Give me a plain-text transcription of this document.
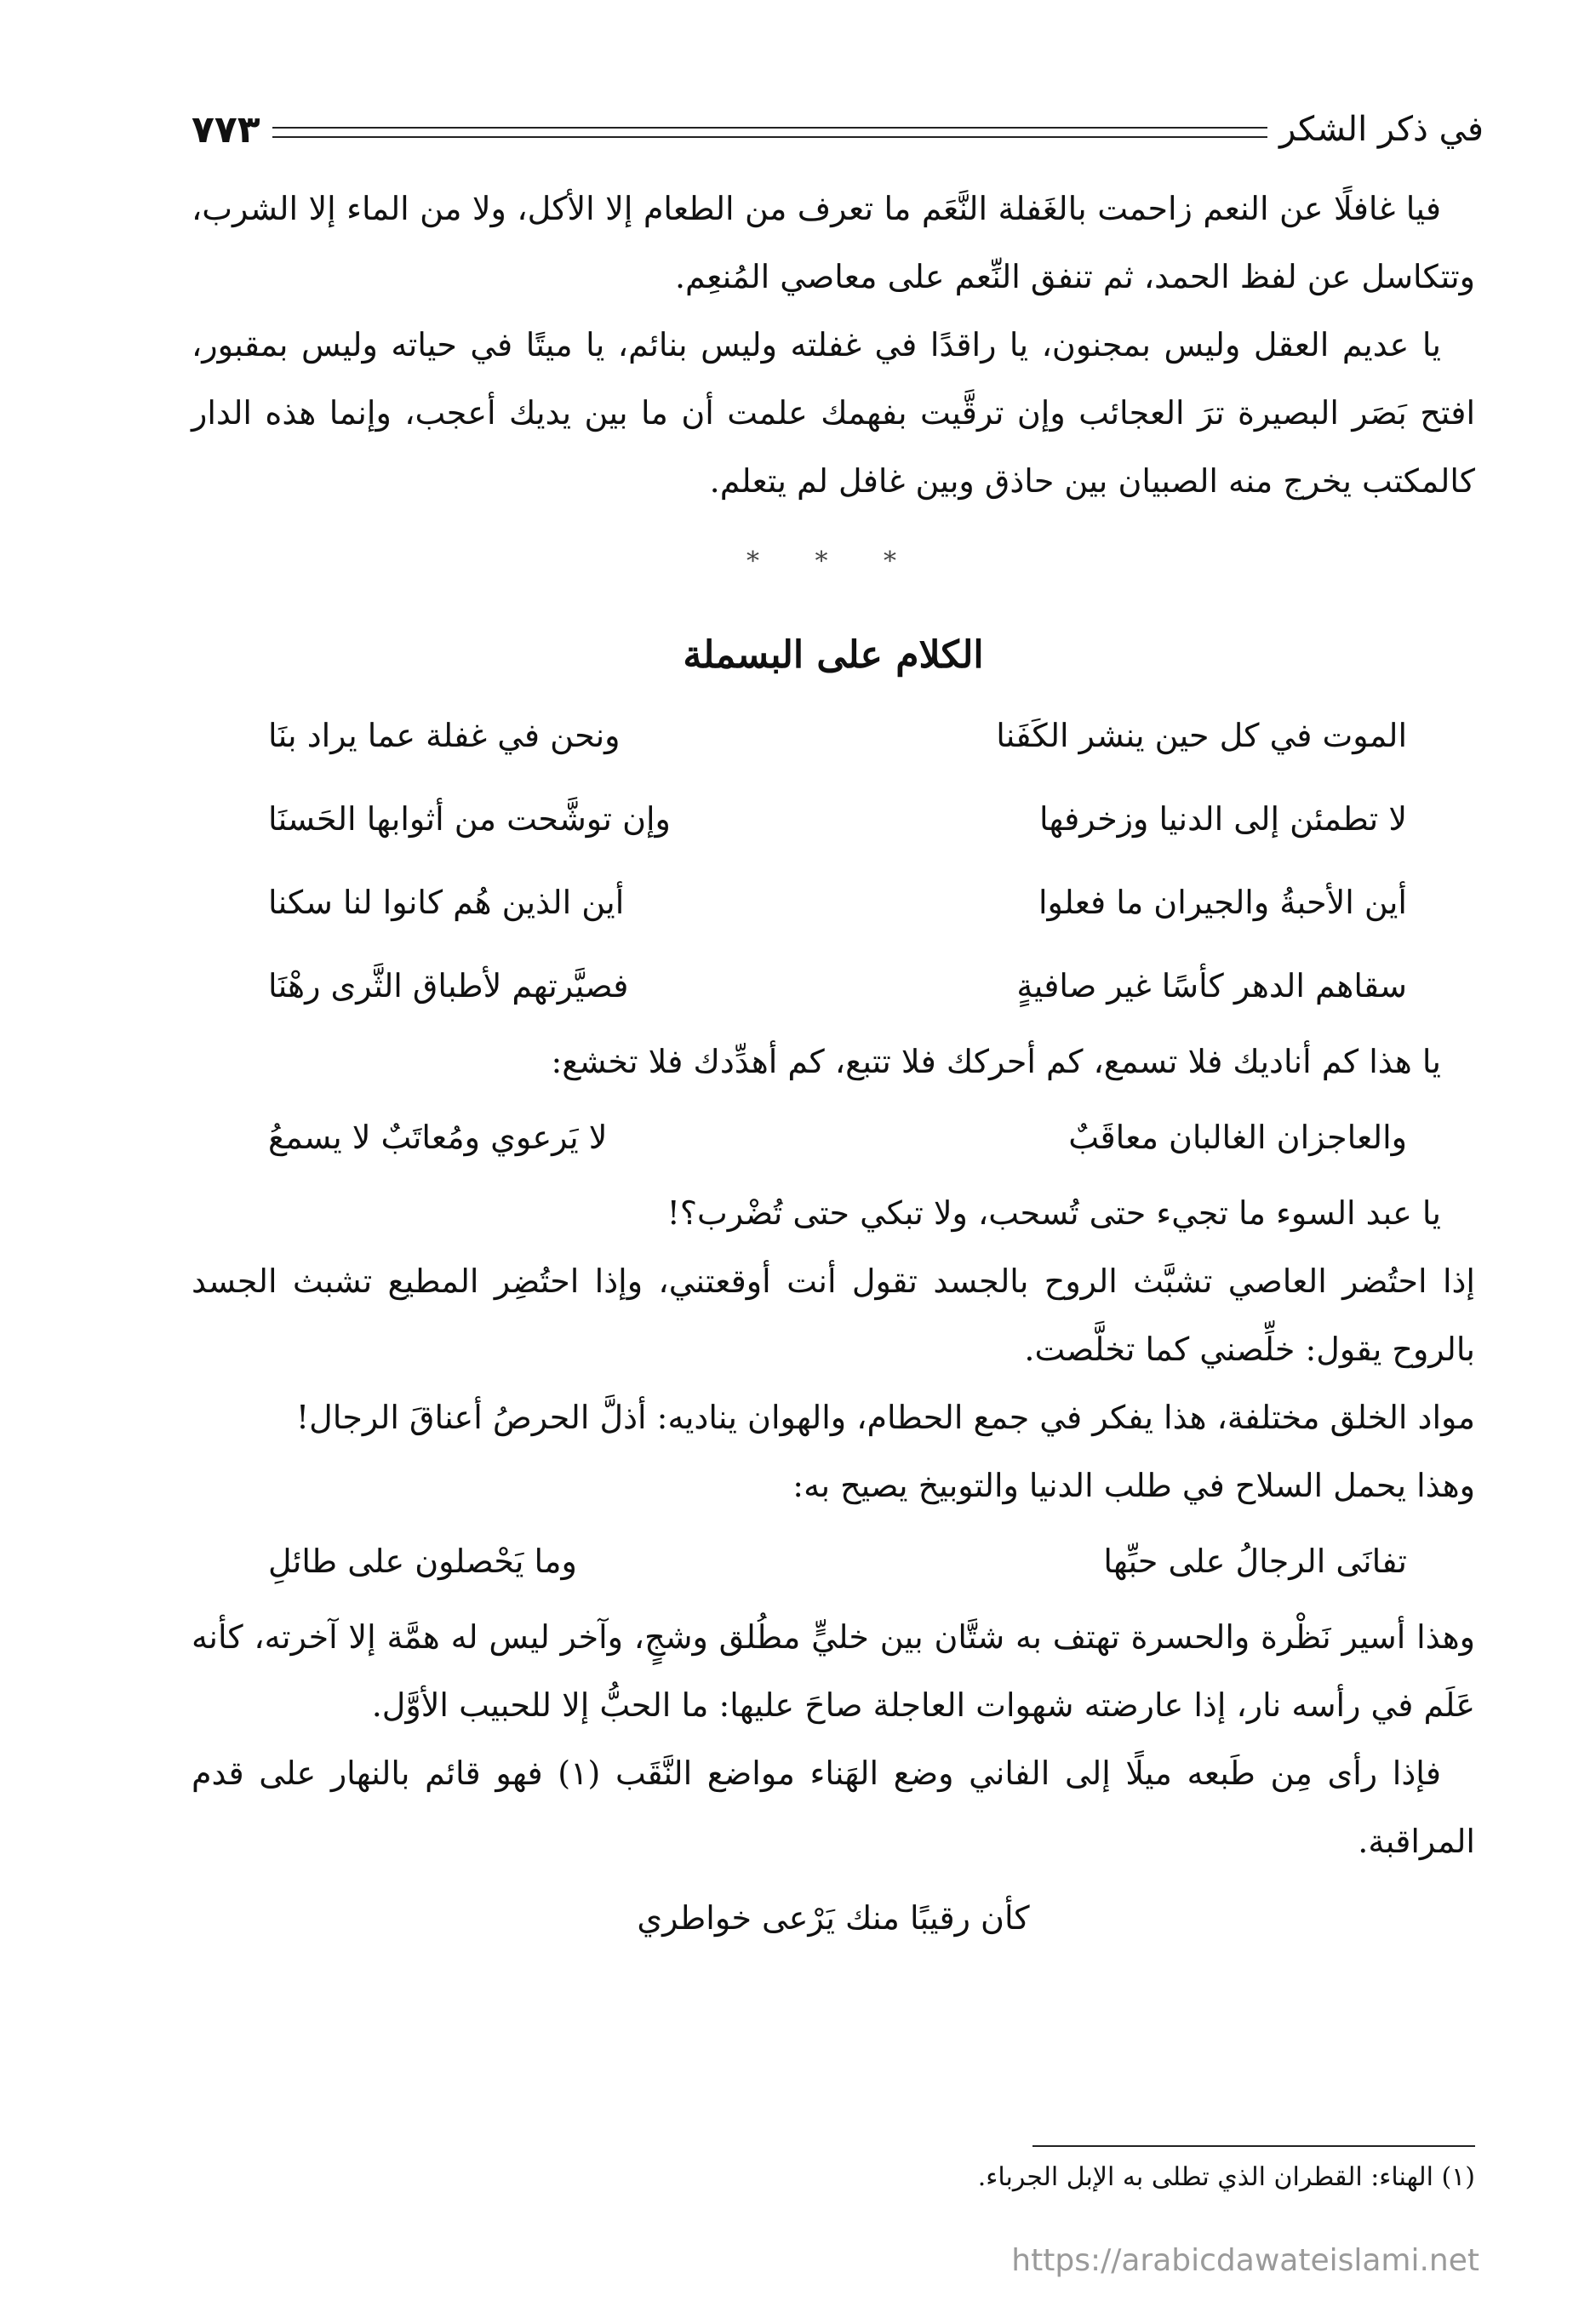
في ذكر الشكر
٧٧٣

فيا غافلًا عن النعم زاحمت بالغَفلة النَّعَم ما تعرف من الطعام إلا الأكل، ولا من الماء إلا الشرب، وتتكاسل عن لفظ الحمد، ثم تنفق النِّعم على معاصي المُنعِم.

يا عديم العقل وليس بمجنون، يا راقدًا في غفلته وليس بنائم، يا ميتًا في حياته وليس بمقبور، افتح بَصَر البصيرة ترَ العجائب وإن ترقَّيت بفهمك علمت أن ما بين يديك أعجب، وإنما هذه الدار كالمكتب يخرج منه الصبيان بين حاذق وبين غافل لم يتعلم.

* * *
الكلام على البسملة
الموت في كل حين ينشر الكَفَنا
ونحن في غفلة عما يراد بنَا
لا تطمئن إلى الدنيا وزخرفها
وإن توشَّحت من أثوابها الحَسنَا
أين الأحبةُ والجيران ما فعلوا
أين الذين هُم كانوا لنا سكنا
سقاهم الدهر كأسًا غير صافيةٍ
فصيَّرتهم لأطباق الثَّرى رهْنَا

يا هذا كم أناديك فلا تسمع، كم أحركك فلا تتبع، كم أهدِّدك فلا تخشع:

والعاجزان الغالبان معاقَبٌ
لا يَرعوي ومُعاتَبٌ لا يسمعُ

يا عبد السوء ما تجيء حتى تُسحب، ولا تبكي حتى تُضْرب؟!

إذا احتُضر العاصي تشبَّث الروح بالجسد تقول أنت أوقعتني، وإذا احتُضِر المطيع تشبث الجسد بالروح يقول: خلِّصني كما تخلَّصت.

مواد الخلق مختلفة، هذا يفكر في جمع الحطام، والهوان يناديه: أذلَّ الحرصُ أعناقَ الرجال!

وهذا يحمل السلاح في طلب الدنيا والتوبيخ يصيح به:

تفانَى الرجالُ على حبِّها
وما يَحْصلون على طائلِ

وهذا أسير نَظْرة والحسرة تهتف به شتَّان بين خليٍّ مطُلق وشجٍ، وآخر ليس له همَّة إلا آخرته، كأنه عَلَم في رأسه نار، إذا عارضته شهوات العاجلة صاحَ عليها: ما الحبُّ إلا للحبيب الأوَّل.

فإذا رأى مِن طَبعه ميلًا إلى الفاني وضع الهَناء مواضع النَّقَب (١) فهو قائم بالنهار على قدم المراقبة.

كأن رقيبًا منك يَرْعى خواطري
(١) الهناء: القطران الذي تطلى به الإبل الجرباء.
https://arabicdawateislami.net
